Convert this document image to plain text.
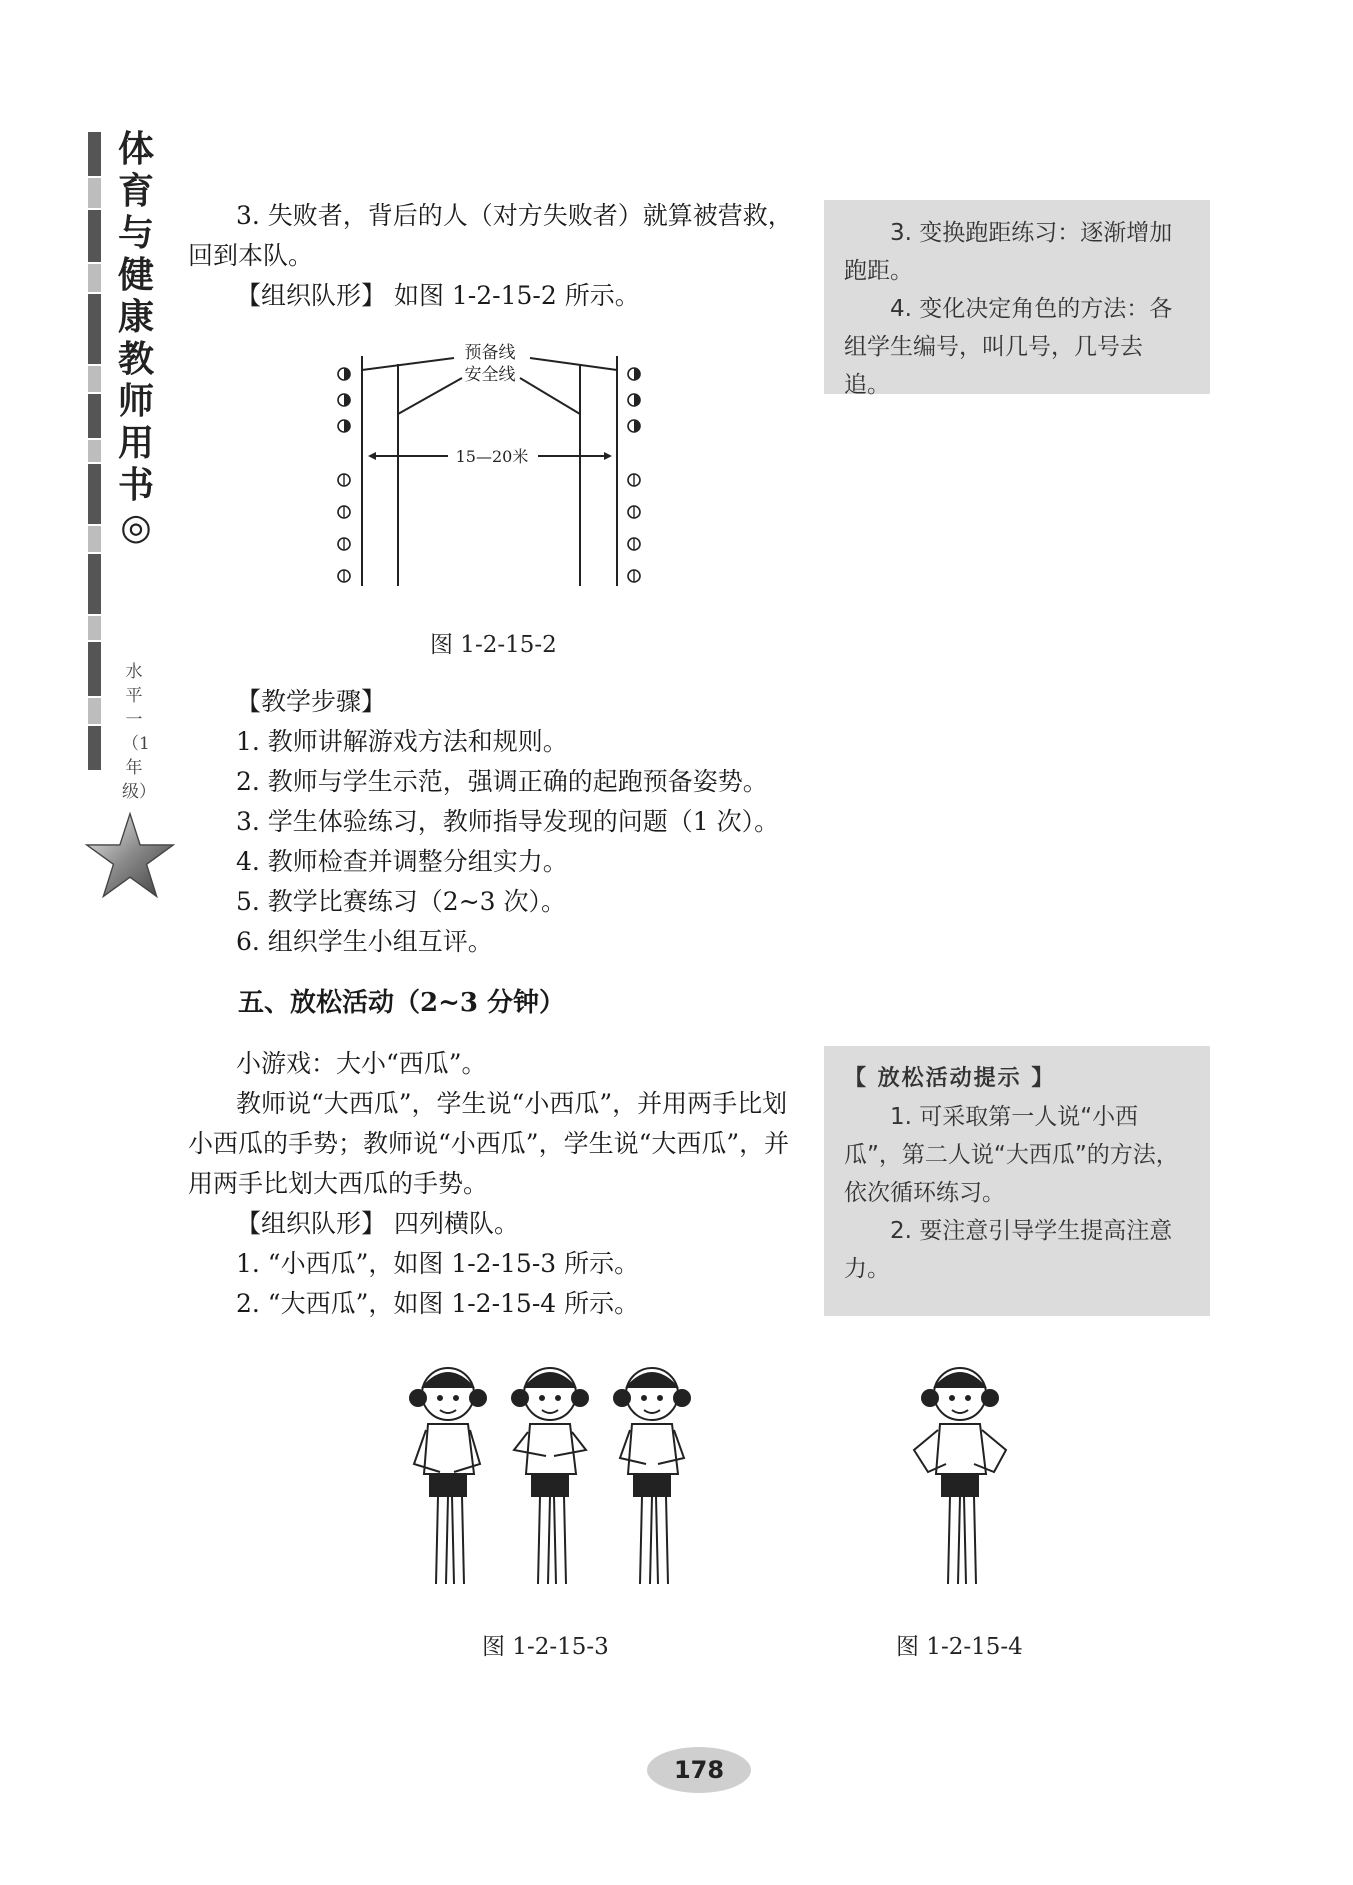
体育与健康教师用书◎
水平一（1年级）
3. 失败者，背后的人（对方失败者）就算被营救，回到本队。
【组织队形】 如图 1-2-15-2 所示。
预备线
安全线
15—20米
图 1-2-15-2
【教学步骤】
1. 教师讲解游戏方法和规则。
2. 教师与学生示范，强调正确的起跑预备姿势。
3. 学生体验练习，教师指导发现的问题（1 次）。
4. 教师检查并调整分组实力。
5. 教学比赛练习（2~3 次）。
6. 组织学生小组互评。
五、放松活动（2~3 分钟）
小游戏：大小“西瓜”。
教师说“大西瓜”，学生说“小西瓜”，并用两手比划小西瓜的手势；教师说“小西瓜”，学生说“大西瓜”，并用两手比划大西瓜的手势。
【组织队形】 四列横队。
1. “小西瓜”，如图 1-2-15-3 所示。
2. “大西瓜”，如图 1-2-15-4 所示。
3. 变换跑距练习：逐渐增加跑距。
4. 变化决定角色的方法：各组学生编号，叫几号，几号去追。
【 放松活动提示 】
1. 可采取第一人说“小西瓜”，第二人说“大西瓜”的方法，依次循环练习。
2. 要注意引导学生提高注意力。
图 1-2-15-3	图 1-2-15-4
178
